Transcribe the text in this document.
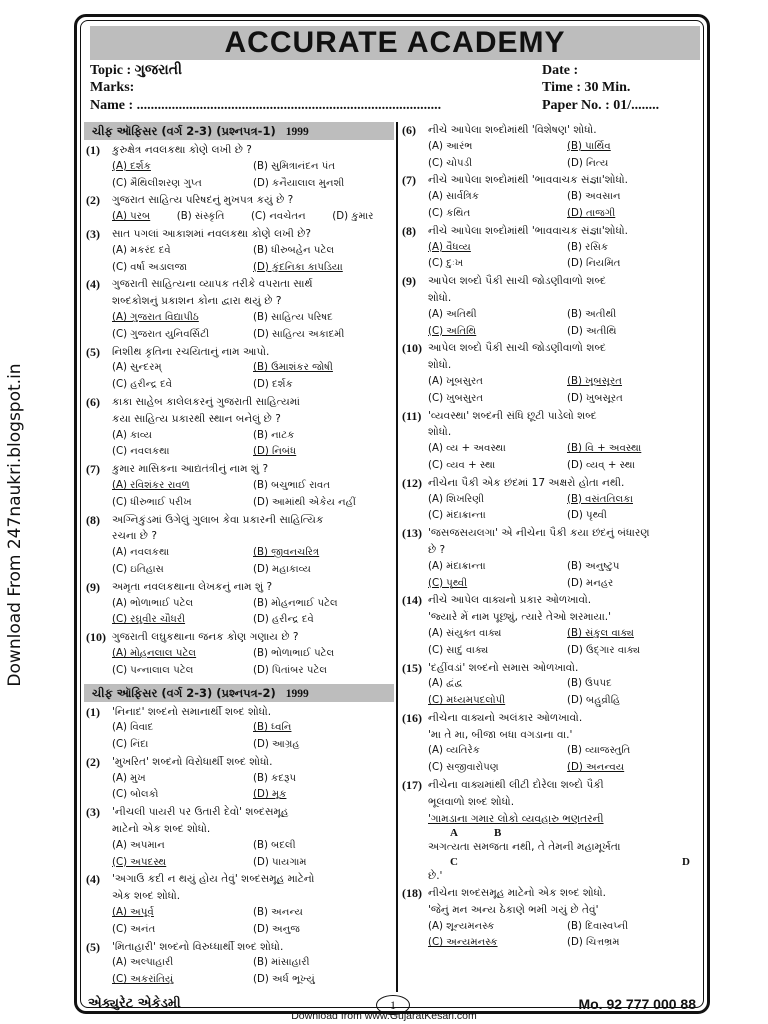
Download From 247naukri.blogspot.in
ACCURATE ACADEMY
Topic : ગુજરાતી
Marks:
Name : .......................................................................................
Date :
Time : 30 Min.
Paper No. : 01/........
ચીફ ઑફિસર (વર્ગ 2-3) (પ્રશ્નપત્ર-1) 1999
(1)	કુરુક્ષેત્ર નવલકથા કોણે લખી છે ?
(A) દર્શક	(B) સુમિત્રાનંદન પંત
(C) મૈથિલીશરણ ગુપ્ત	(D) કનૈયાલાલ મુનશી
(2)	ગુજરાત સાહિત્ય પરિષદનું મુખપત્ર કયું છે ?
(A) પરબ	(B) સંસ્કૃતિ	(C) નવચેતન	(D) કુમાર
(3)	સાત પગલાં આકાશમાં નવલકથા કોણે લખી છે?
(A) મકરંદ દવે	(B) ધીરુબહેન પટેલ
(C) વર્ષા અડાલજા	(D) કુંદનિકા કાપડિયા
(4)	ગુજરાતી સાહિત્યના વ્યાપક તરીકે વપરાતા સાર્થ
શબ્દકોશનું પ્રકાશન કોના દ્વારા થયું છે ?
(A) ગુજરાત વિદ્યાપીઠ	(B) સાહિત્ય પરિષદ
(C) ગુજરાત યુનિવર્સિટી	(D) સાહિત્ય અકાદમી
(5)	નિશીથ કૃતિના રચયિતાનું નામ આપો.
(A) સુન્દરમ્	(B) ઉમાશંકર જોષી
(C) હરીન્દ્ર દવે	(D) દર્શક
(6)	કાકા સાહેબ કાલેલકરનું ગુજરાતી સાહિત્યમાં
કયા સાહિત્ય પ્રકારથી સ્થાન બનેલું છે ?
(A) કાવ્ય	(B) નાટક
(C) નવલકથા	(D) નિબંધ
(7)	કુમાર માસિકના આદ્યતંત્રીનું નામ શું ?
(A) રવિશંકર રાવળ	(B) બચુભાઈ રાવત
(C) ધીરુભાઈ પરીખ	(D) આમાંથી એકેય નહીં
(8)	અગ્નિકુંડમાં ઉગેલું ગુલાબ કેવા પ્રકારની સાહિત્યિક
રચના છે ?
(A) નવલકથા	(B) જીવનચરિત્ર
(C) ઇતિહાસ	(D) મહાકાવ્ય
(9)	અમૃતા નવલકથાના લેખકનું નામ શું ?
(A) ભોળાભાઈ પટેલ	(B) મોહનભાઈ પટેલ
(C) રઘુવીર ચૌધરી	(D) હરીન્દ્ર દવે
(10) ગુજરાતી લઘુકથાના જનક કોણ ગણાય છે ?
(A) મોહનલાલ પટેલ	(B) ભોળાભાઈ પટેલ
(C) પન્નાલાલ પટેલ	(D) પિતાંબર પટેલ
ચીફ ઑફિસર (વર્ગ 2-3) (પ્રશ્નપત્ર-2) 1999
(1)	'નિનાદ' શબ્દનો સમાનાર્થી શબ્દ શોધો.
(A) વિવાદ	(B) ધ્વનિ
(C) નિંદા	(D) આગ્રહ
(2)	'મુખરિત' શબ્દનો વિરોધાર્થી શબ્દ શોધો.
(A) મુખ	(B) કદરૂપ
(C) બોલકો	(D) મૂક
(3)	'નીચલી પાયરી પર ઉતારી દેવો' શબ્દસમૂહ
માટેનો એક શબ્દ શોધો.
(A) અપમાન	(B) બદલી
(C) અપદસ્થ	(D) પાયગામ
(4)	'અગાઉ કદી ન થયું હોય તેવું' શબ્દસમૂહ માટેનો
એક શબ્દ શોધો.
(A) અપૂર્વ	(B) અનન્ય
(C) અનંત	(D) અનુજ
(5)	'મિતાહારી' શબ્દનો વિરુધ્ધાર્થી શબ્દ શોધો.
(A) અલ્પાહારી	(B) માંસાહારી
(C) અકરાંતિયું	(D) અર્ધ ભૂખ્યું
(6)	નીચે આપેલા શબ્દોમાંથી 'વિશેષણ' શોધો.
(A) આરંભ	(B) પાર્થિવ
(C) ચોપડી	(D) નિત્ય
(7)	નીચે આપેલા શબ્દોમાંથી 'ભાવવાચક સંજ્ઞા'શોધો.
(A) સાર્વત્રિક	(B) અવસાન
(C) કથિત	(D) તાજગી
(8)	નીચે આપેલા શબ્દોમાંથી 'ભાવવાચક સંજ્ઞા'શોધો.
(A) વૈધવ્ય	(B) રસિક
(C) દુઃખ	(D) નિયમિત
(9)	આપેલ શબ્દો પૈકી સાચી જોડણીવાળો શબ્દ
શોધો.
(A) અતિથી	(B) અતીથી
(C) અતિથિ	(D) અતીથિ
(10) આપેલ શબ્દો પૈકી સાચી જોડણીવાળો શબ્દ
શોધો.
(A) ખૂબસુરત	(B) ખૂબસૂરત
(C) ખુબસુરત	(D) ખુબસૂરત
(11) 'વ્યવસ્થા' શબ્દની સંધિ છૂટી પાડેલો શબ્દ
શોધો.
(A) વ્ય + અવસ્થા	(B) વિ + અવસ્થા
(C) વ્યવ + સ્થા	(D) વ્યવ્ + સ્થા
(12) નીચેના પૈકી એક છંદમાં 17 અક્ષરો હોતા નથી.
(A) શિખરિણી	(B) વસંતતિલકા
(C) મંદાક્રાન્તા	(D) પૃથ્વી
(13) 'જસજસયલગા' એ નીચેના પૈકી કયા છંદનું બંધારણ
છે ?
(A) મંદાક્રાન્તા	(B) અનુષ્ટુપ
(C) પૃથ્વી	(D) મનહર
(14) નીચે આપેલ વાક્યનો પ્રકાર ઓળખાવો.
'જ્યારે મેં નામ પૂછ્યું, ત્યારે તેઓ શરમાયા.'
(A) સંયુક્ત વાક્ય	(B) સંકુલ વાક્ય
(C) સાદું વાક્ય	(D) ઉદ્ગાર વાક્ય
(15) 'દહીંવડાં' શબ્દનો સમાસ ઓળખાવો.
(A) દ્વંદ્વ	(B) ઉપપદ
(C) મધ્યમપદલોપી	(D) બહુવ્રીહિ
(16) નીચેના વાક્યનો અલંકાર ઓળખાવો.
'મા તે મા, બીજા બધા વગડાના વા.'
(A) વ્યતિરેક	(B) વ્યાજસ્તુતિ
(C) સજીવારોપણ	(D) અનન્વય
(17) નીચેના વાક્યમાંથી લીટી દોરેલા શબ્દો પૈકી
ભૂલવાળો શબ્દ શોધો.
'ગામડાના ગમાર લોકો વ્યવહારુ ભણતરની
A	B
અગત્યતા સમજતા નથી, તે તેમની મહામૂર્ખતા
C	D
છે.'
(18) નીચેના શબ્દસમૂહ માટેનો એક શબ્દ શોધો.
'જેનું મન અન્ય ઠેકાણે ભમી ગયું છે તેવું'
(A) શૂન્યમનસ્ક	(B) દિવાસ્વપ્ની
(C) અન્યમનસ્ક	(D) ચિત્તભ્રમ
એક્યુરેટ એકેડમી	1	Mo. 92 777 000 88
Download from www.GujaratKesari.com
